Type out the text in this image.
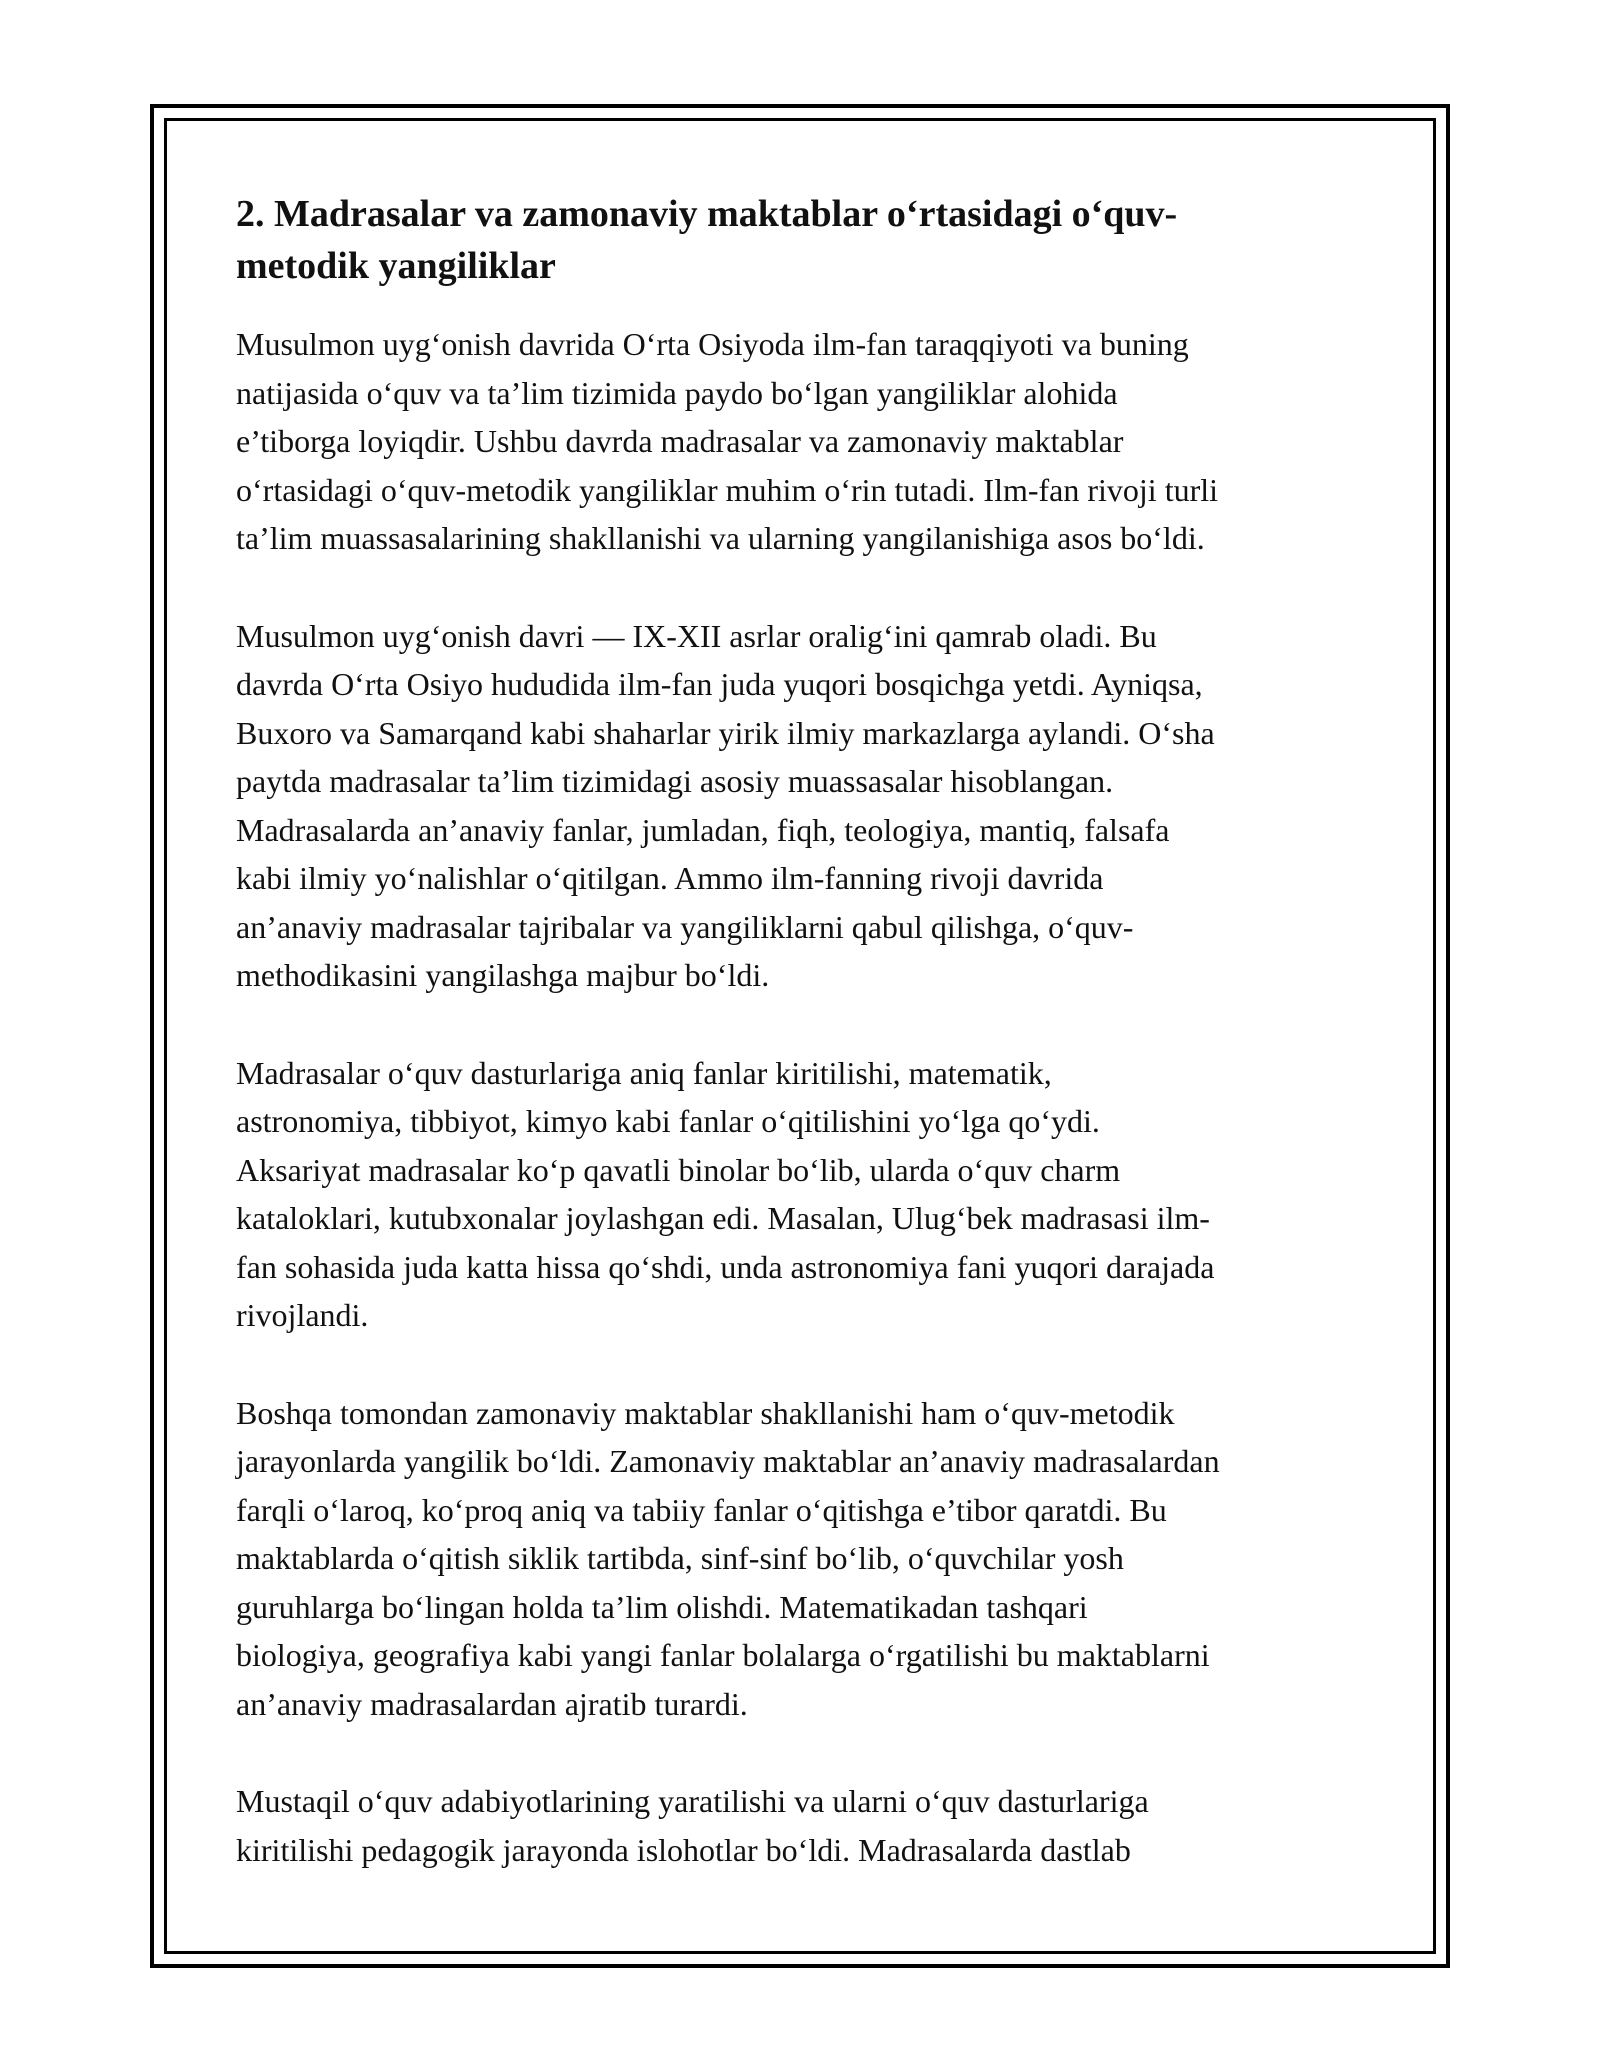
2. Madrasalar va zamonaviy maktablar o‘rtasidagi o‘quv-
metodik yangiliklar

Musulmon uyg‘onish davrida O‘rta Osiyoda ilm-fan taraqqiyoti va buning
natijasida o‘quv va ta’lim tizimida paydo bo‘lgan yangiliklar alohida
e’tiborga loyiqdir. Ushbu davrda madrasalar va zamonaviy maktablar
o‘rtasidagi o‘quv-metodik yangiliklar muhim o‘rin tutadi. Ilm-fan rivoji turli
ta’lim muassasalarining shakllanishi va ularning yangilanishiga asos bo‘ldi.

Musulmon uyg‘onish davri — IX-XII asrlar oralig‘ini qamrab oladi. Bu
davrda O‘rta Osiyo hududida ilm-fan juda yuqori bosqichga yetdi. Ayniqsa,
Buxoro va Samarqand kabi shaharlar yirik ilmiy markazlarga aylandi. O‘sha
paytda madrasalar ta’lim tizimidagi asosiy muassasalar hisoblangan.
Madrasalarda an’anaviy fanlar, jumladan, fiqh, teologiya, mantiq, falsafa
kabi ilmiy yo‘nalishlar o‘qitilgan. Ammo ilm-fanning rivoji davrida
an’anaviy madrasalar tajribalar va yangiliklarni qabul qilishga, o‘quv-
methodikasini yangilashga majbur bo‘ldi.

Madrasalar o‘quv dasturlariga aniq fanlar kiritilishi, matematik,
astronomiya, tibbiyot, kimyo kabi fanlar o‘qitilishini yo‘lga qo‘ydi.
Aksariyat madrasalar ko‘p qavatli binolar bo‘lib, ularda o‘quv charm
kataloklari, kutubxonalar joylashgan edi. Masalan, Ulug‘bek madrasasi ilm-
fan sohasida juda katta hissa qo‘shdi, unda astronomiya fani yuqori darajada
rivojlandi.

Boshqa tomondan zamonaviy maktablar shakllanishi ham o‘quv-metodik
jarayonlarda yangilik bo‘ldi. Zamonaviy maktablar an’anaviy madrasalardan
farqli o‘laroq, ko‘proq aniq va tabiiy fanlar o‘qitishga e’tibor qaratdi. Bu
maktablarda o‘qitish siklik tartibda, sinf-sinf bo‘lib, o‘quvchilar yosh
guruhlarga bo‘lingan holda ta’lim olishdi. Matematikadan tashqari
biologiya, geografiya kabi yangi fanlar bolalarga o‘rgatilishi bu maktablarni
an’anaviy madrasalardan ajratib turardi.

Mustaqil o‘quv adabiyotlarining yaratilishi va ularni o‘quv dasturlariga
kiritilishi pedagogik jarayonda islohotlar bo‘ldi. Madrasalarda dastlab
